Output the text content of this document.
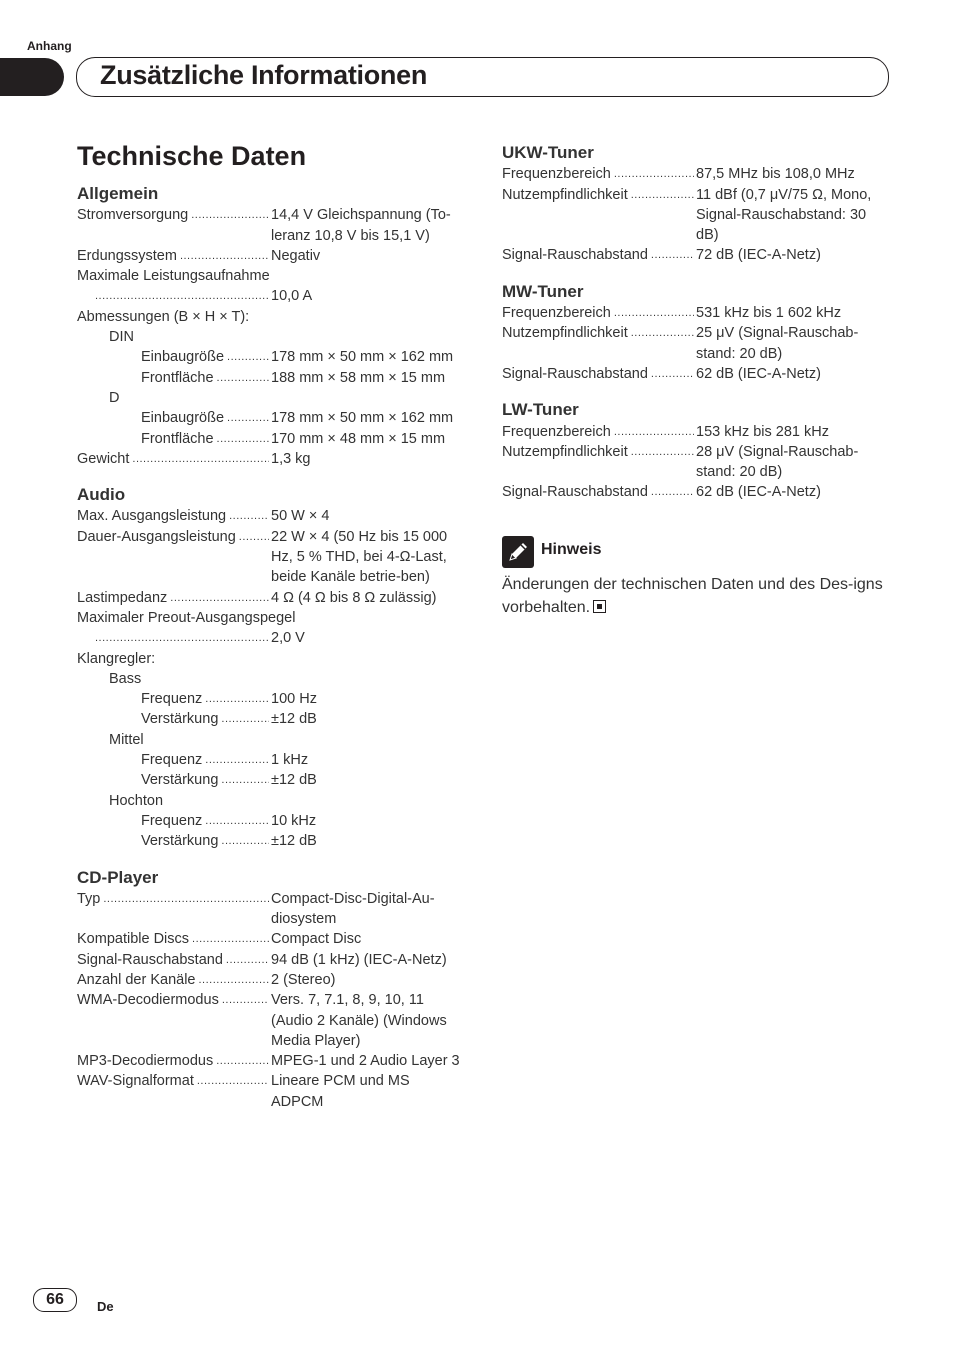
Anhang
Zusätzliche Informationen
Technische Daten
Allgemein
Stromversorgung .....	14,4 V Gleichspannung (To-leranz 10,8 V bis 15,1 V)
Erdungssystem .....	Negativ
Maximale Leistungsaufnahme
.....
10,0 A
Abmessungen (B × H × T):
DIN
Einbaugröße .....	178 mm × 50 mm × 162 mm
Frontfläche .....	188 mm × 58 mm × 15 mm
D
Einbaugröße .....	178 mm × 50 mm × 162 mm
Frontfläche .....	170 mm × 48 mm × 15 mm
Gewicht .....	1,3 kg
Audio
Max. Ausgangsleistung .....	50 W × 4
Dauer-Ausgangsleistung ..... 22 W × 4 (50 Hz bis 15 000 Hz, 5 % THD, bei 4-Ω-Last, beide Kanäle betrie-ben)
Lastimpedanz .....	4 Ω (4 Ω bis 8 Ω zulässig)
Maximaler Preout-Ausgangspegel
.....
2,0 V
Klangregler:
Bass
Frequenz .....	100 Hz
Verstärkung .....	±12 dB
Mittel
Frequenz .....	1 kHz
Verstärkung .....	±12 dB
Hochton
Frequenz .....	10 kHz
Verstärkung .....	±12 dB
CD-Player
Typ .....	Compact-Disc-Digital-Au-diosystem
Kompatible Discs .....	Compact Disc
Signal-Rauschabstand .....	94 dB (1 kHz) (IEC-A-Netz)
Anzahl der Kanäle .....	2 (Stereo)
WMA-Decodiermodus .....	Vers. 7, 7.1, 8, 9, 10, 11 (Audio 2 Kanäle) (Windows Media Player)
MP3-Decodiermodus .....	MPEG-1 und 2 Audio Layer 3
WAV-Signalformat .....	Lineare PCM und MS ADPCM
UKW-Tuner
Frequenzbereich .....	87,5 MHz bis 108,0 MHz
Nutzempfindlichkeit .....	11 dBf (0,7 μV/75 Ω, Mono, Signal-Rauschabstand: 30 dB)
Signal-Rauschabstand .....	72 dB (IEC-A-Netz)
MW-Tuner
Frequenzbereich .....	531 kHz bis 1 602 kHz
Nutzempfindlichkeit .....	25 μV (Signal-Rauschab-stand: 20 dB)
Signal-Rauschabstand .....	62 dB (IEC-A-Netz)
LW-Tuner
Frequenzbereich .....	153 kHz bis 281 kHz
Nutzempfindlichkeit .....	28 μV (Signal-Rauschab-stand: 20 dB)
Signal-Rauschabstand .....	62 dB (IEC-A-Netz)
Hinweis
Änderungen der technischen Daten und des Des-igns vorbehalten.
66	De
